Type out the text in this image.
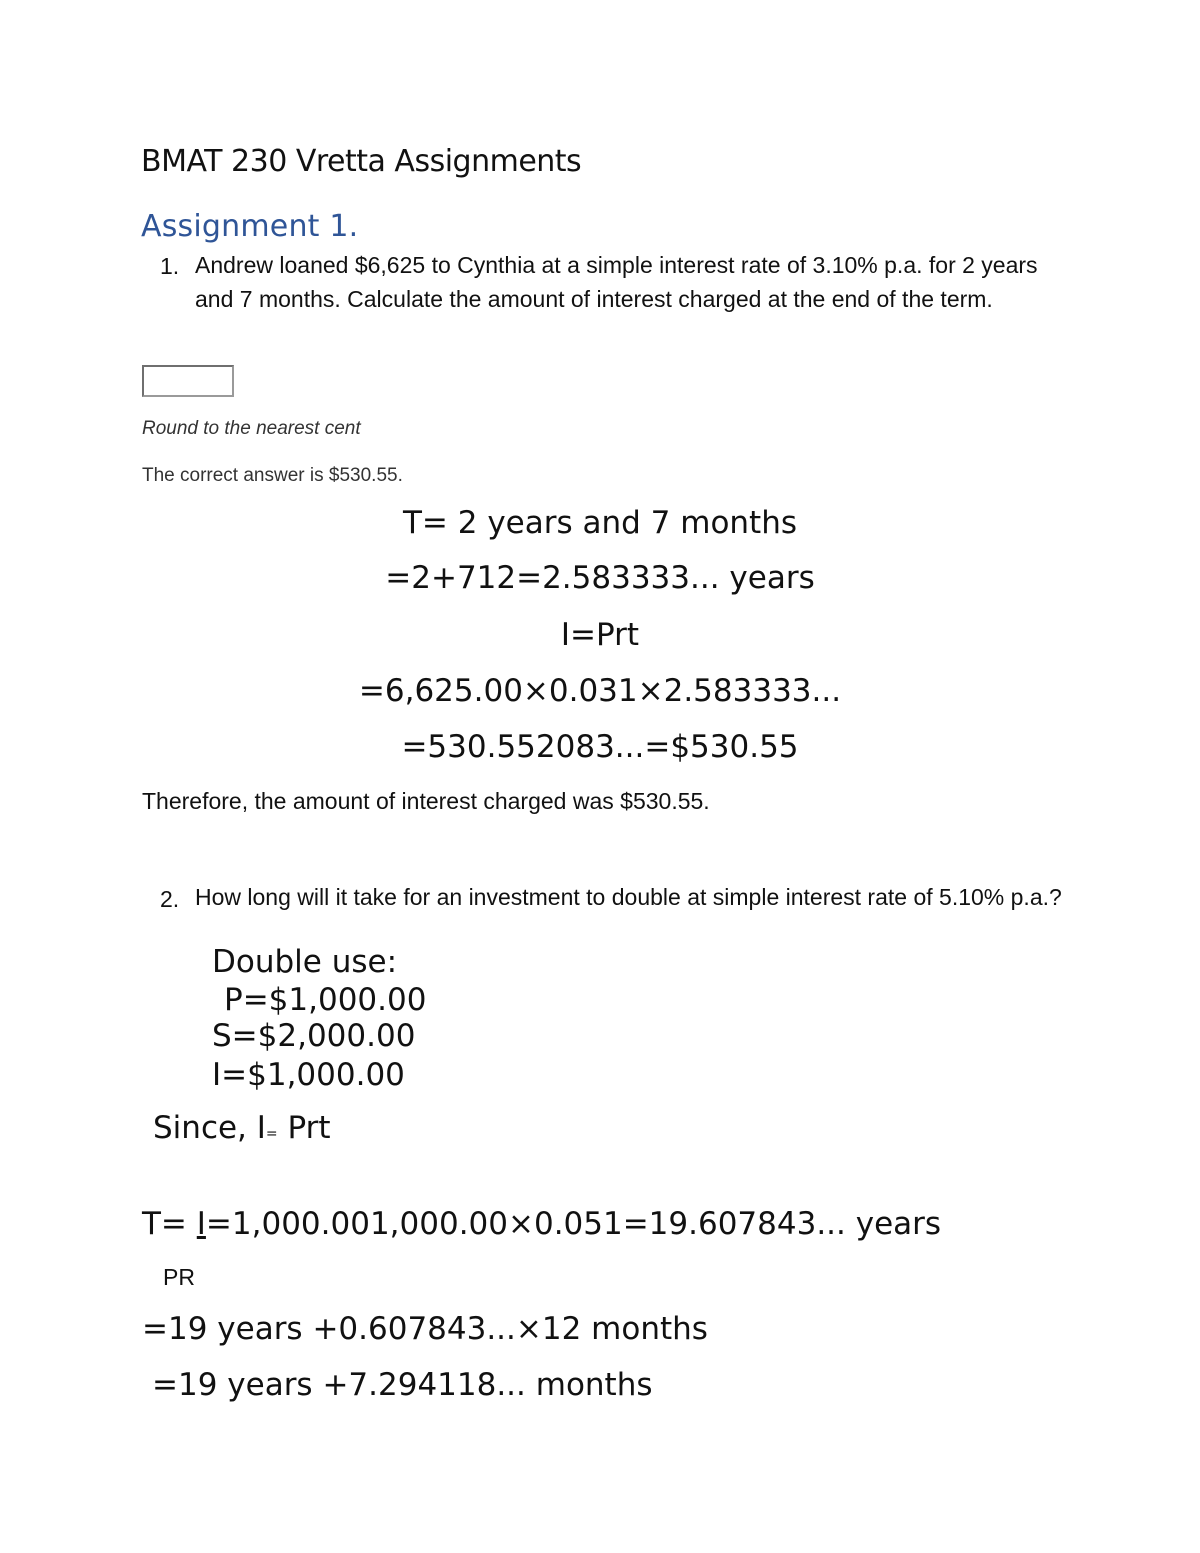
BMAT 230 Vretta Assignments
Assignment 1.
1. Andrew loaned $6,625 to Cynthia at a simple interest rate of 3.10% p.a. for 2 years and 7 months. Calculate the amount of interest charged at the end of the term.
Round to the nearest cent
The correct answer is $530.55.
T= 2 years and 7 months
=2+712=2.583333... years
I=Prt
=6,625.00×0.031×2.583333...
=530.552083...=$530.55
Therefore, the amount of interest charged was $530.55.
2. How long will it take for an investment to double at simple interest rate of 5.10% p.a.?
Double use:
P=$1,000.00
S=$2,000.00
I=$1,000.00
Since, I= Prt
T= I=1,000.001,000.00×0.051=19.607843... years
PR
=19 years +0.607843...×12 months
=19 years +7.294118... months
